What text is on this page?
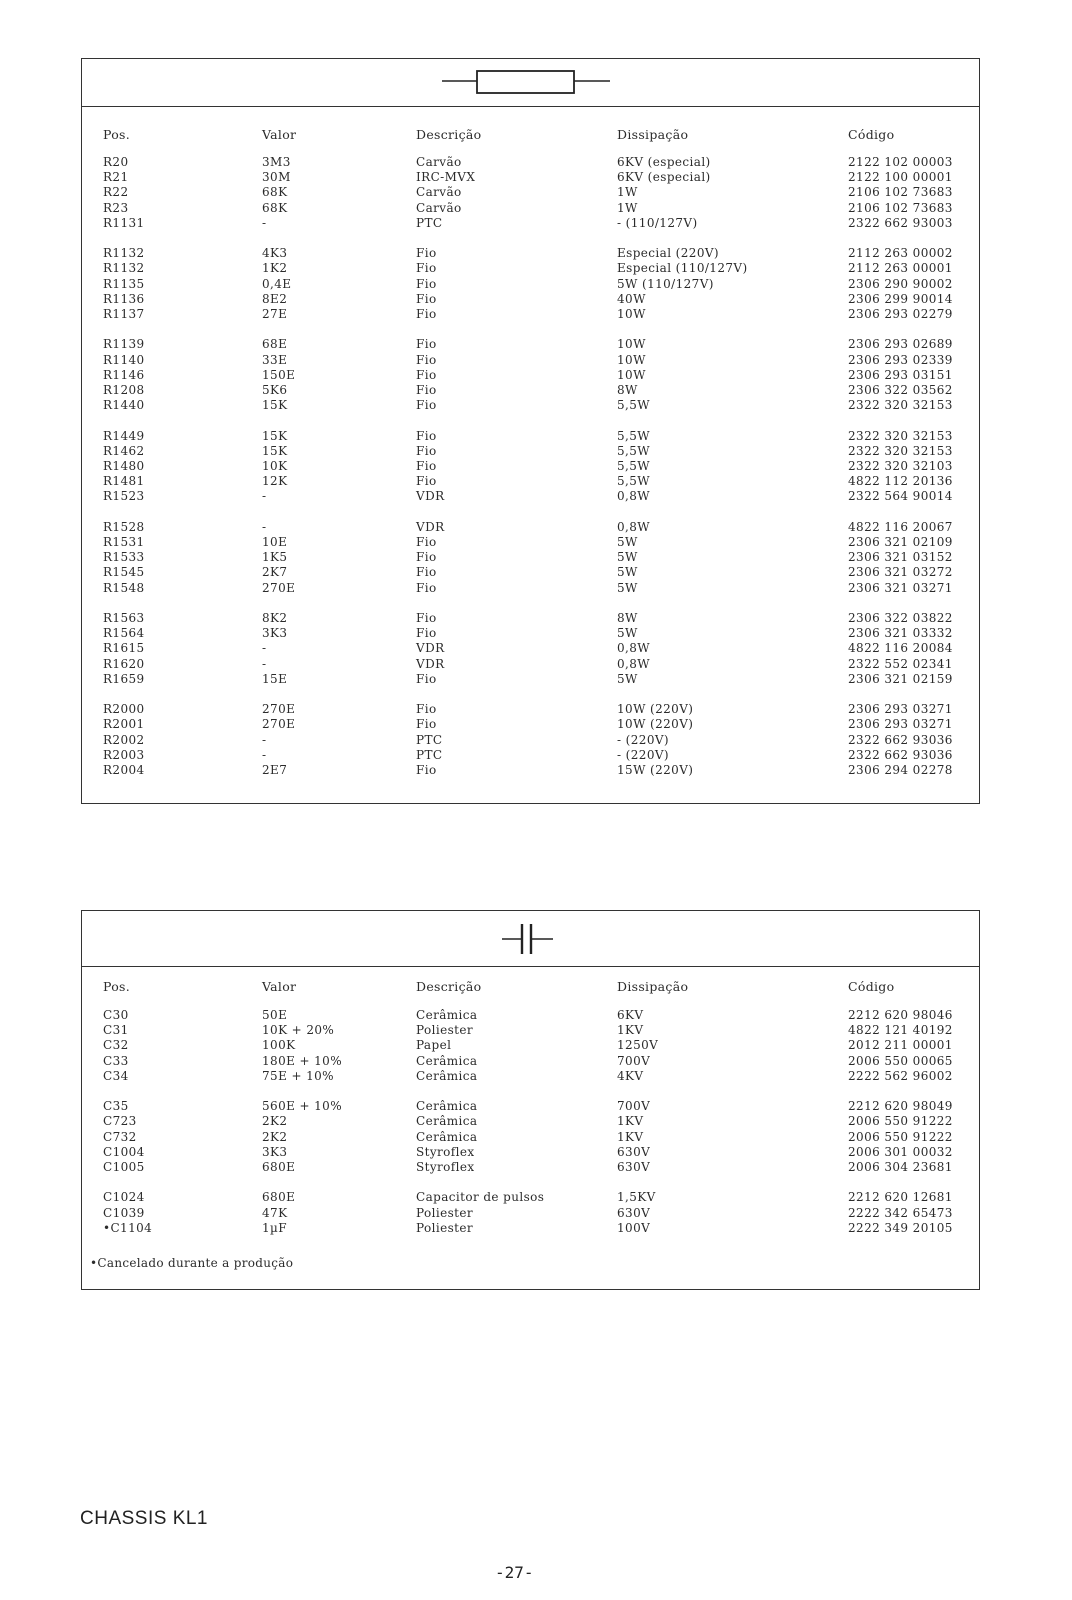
Pos.	Valor	Descrição	Dissipação	Código
R20	3M3	Carvão	6KV (especial)	2122 102 00003
R21	30M	IRC-MVX	6KV (especial)	2122 100 00001
R22	68K	Carvão	1W	2106 102 73683
R23	68K	Carvão	1W	2106 102 73683
R1131	-	PTC	- (110/127V)	2322 662 93003
R1132	4K3	Fio	Especial (220V)	2112 263 00002
R1132	1K2	Fio	Especial (110/127V)	2112 263 00001
R1135	0,4E	Fio	5W (110/127V)	2306 290 90002
R1136	8E2	Fio	40W	2306 299 90014
R1137	27E	Fio	10W	2306 293 02279
R1139	68E	Fio	10W	2306 293 02689
R1140	33E	Fio	10W	2306 293 02339
R1146	150E	Fio	10W	2306 293 03151
R1208	5K6	Fio	8W	2306 322 03562
R1440	15K	Fio	5,5W	2322 320 32153
R1449	15K	Fio	5,5W	2322 320 32153
R1462	15K	Fio	5,5W	2322 320 32153
R1480	10K	Fio	5,5W	2322 320 32103
R1481	12K	Fio	5,5W	4822 112 20136
R1523	-	VDR	0,8W	2322 564 90014
R1528	-	VDR	0,8W	4822 116 20067
R1531	10E	Fio	5W	2306 321 02109
R1533	1K5	Fio	5W	2306 321 03152
R1545	2K7	Fio	5W	2306 321 03272
R1548	270E	Fio	5W	2306 321 03271
R1563	8K2	Fio	8W	2306 322 03822
R1564	3K3	Fio	5W	2306 321 03332
R1615	-	VDR	0,8W	4822 116 20084
R1620	-	VDR	0,8W	2322 552 02341
R1659	15E	Fio	5W	2306 321 02159
R2000	270E	Fio	10W (220V)	2306 293 03271
R2001	270E	Fio	10W (220V)	2306 293 03271
R2002	-	PTC	- (220V)	2322 662 93036
R2003	-	PTC	- (220V)	2322 662 93036
R2004	2E7	Fio	15W (220V)	2306 294 02278
Pos.	Valor	Descrição	Dissipação	Código
C30	50E	Cerâmica	6KV	2212 620 98046
C31	10K + 20%	Poliester	1KV	4822 121 40192
C32	100K	Papel	1250V	2012 211 00001
C33	180E + 10%	Cerâmica	700V	2006 550 00065
C34	75E + 10%	Cerâmica	4KV	2222 562 96002
C35	560E + 10%	Cerâmica	700V	2212 620 98049
C723	2K2	Cerâmica	1KV	2006 550 91222
C732	2K2	Cerâmica	1KV	2006 550 91222
C1004	3K3	Styroflex	630V	2006 301 00032
C1005	680E	Styroflex	630V	2006 304 23681
C1024	680E	Capacitor de pulsos	1,5KV	2212 620 12681
C1039	47K	Poliester	630V	2222 342 65473
•C1104	1µF	Poliester	100V	2222 349 20105
•Cancelado durante a produção
CHASSIS KL1
-27-
